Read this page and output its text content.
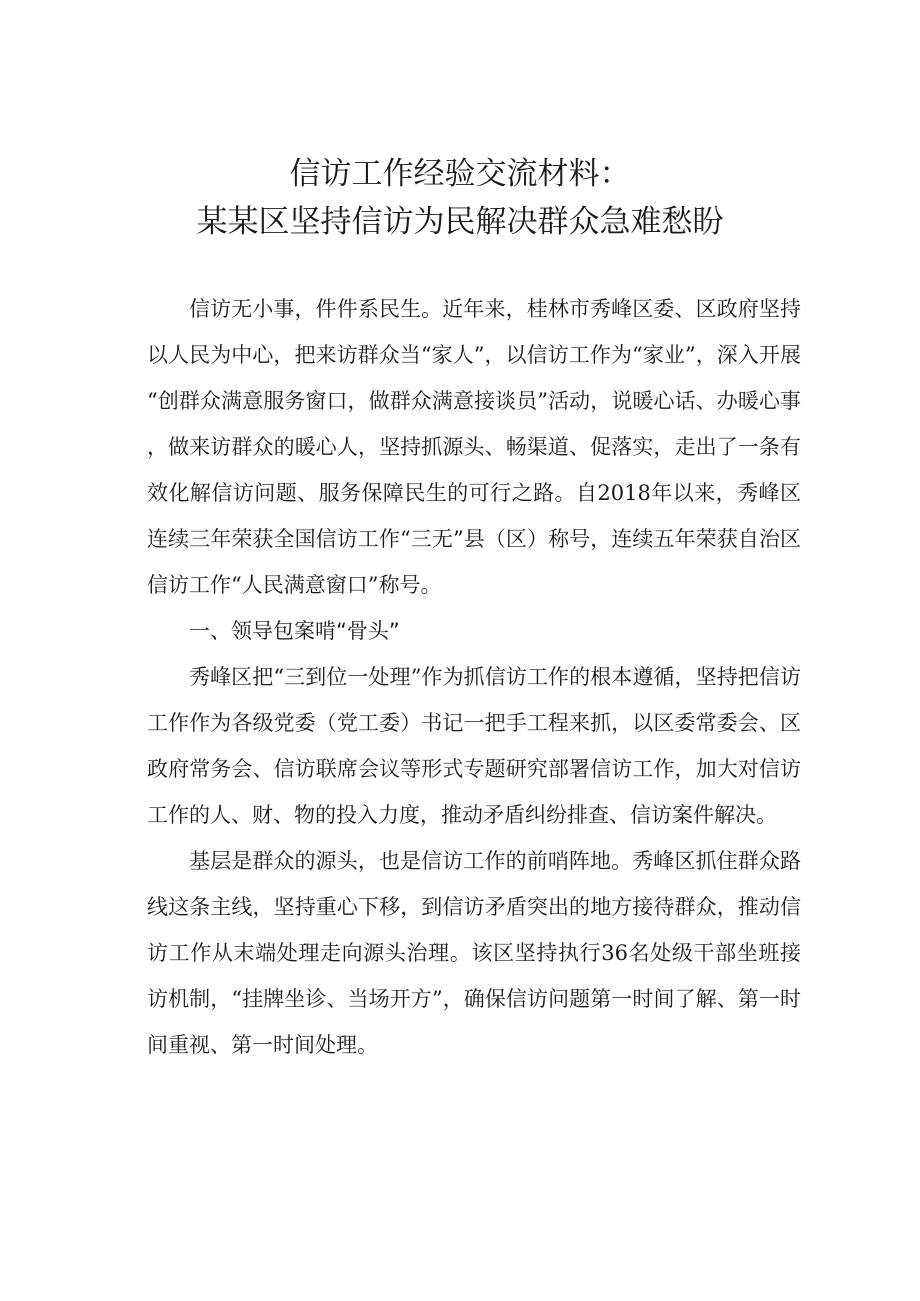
信访工作经验交流材料：
某某区坚持信访为民解决群众急难愁盼

信访无小事，件件系民生。近年来，桂林市秀峰区委、区政府坚持以人民为中心，把来访群众当“家人”，以信访工作为“家业”，深入开展“创群众满意服务窗口，做群众满意接谈员”活动，说暖心话、办暖心事，做来访群众的暖心人，坚持抓源头、畅渠道、促落实，走出了一条有效化解信访问题、服务保障民生的可行之路。自2018年以来，秀峰区连续三年荣获全国信访工作“三无”县（区）称号，连续五年荣获自治区信访工作“人民满意窗口”称号。

一、领导包案啃“骨头”

秀峰区把“三到位一处理”作为抓信访工作的根本遵循，坚持把信访工作作为各级党委（党工委）书记一把手工程来抓，以区委常委会、区政府常务会、信访联席会议等形式专题研究部署信访工作，加大对信访工作的人、财、物的投入力度，推动矛盾纠纷排查、信访案件解决。

基层是群众的源头，也是信访工作的前哨阵地。秀峰区抓住群众路线这条主线，坚持重心下移，到信访矛盾突出的地方接待群众，推动信访工作从末端处理走向源头治理。该区坚持执行36名处级干部坐班接访机制，“挂牌坐诊、当场开方”，确保信访问题第一时间了解、第一时间重视、第一时间处理。
